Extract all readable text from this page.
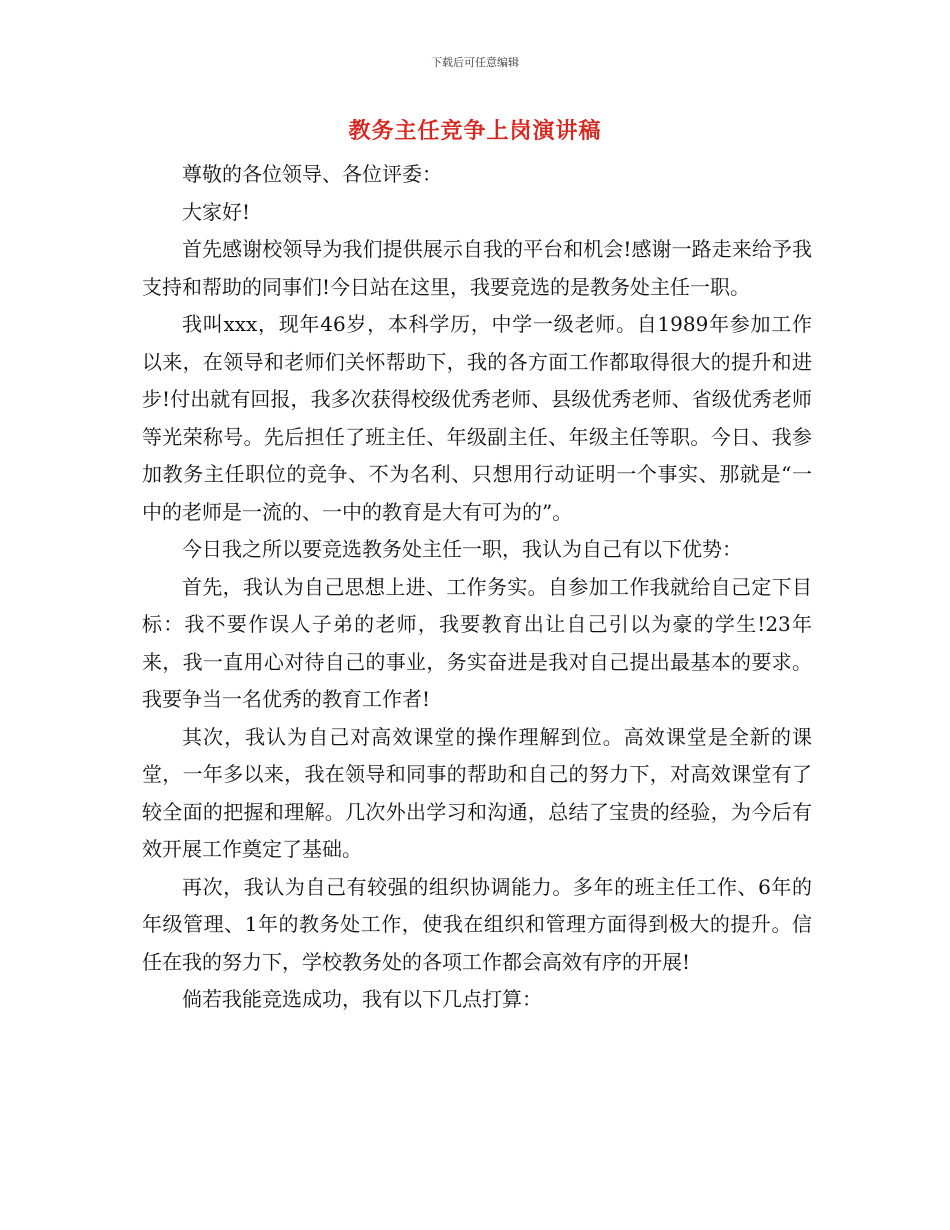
下载后可任意编辑
教务主任竞争上岗演讲稿

尊敬的各位领导、各位评委：

大家好!

首先感谢校领导为我们提供展示自我的平台和机会!感谢一路走来给予我支持和帮助的同事们!今日站在这里，我要竞选的是教务处主任一职。

我叫xxx，现年46岁，本科学历，中学一级老师。自1989年参加工作以来，在领导和老师们关怀帮助下，我的各方面工作都取得很大的提升和进步!付出就有回报，我多次获得校级优秀老师、县级优秀老师、省级优秀老师等光荣称号。先后担任了班主任、年级副主任、年级主任等职。今日、我参加教务主任职位的竞争、不为名利、只想用行动证明一个事实、那就是“一中的老师是一流的、一中的教育是大有可为的”。

今日我之所以要竞选教务处主任一职，我认为自己有以下优势：

首先，我认为自己思想上进、工作务实。自参加工作我就给自己定下目标：我不要作误人子弟的老师，我要教育出让自己引以为豪的学生!23年来，我一直用心对待自己的事业，务实奋进是我对自己提出最基本的要求。我要争当一名优秀的教育工作者!

其次，我认为自己对高效课堂的操作理解到位。高效课堂是全新的课堂，一年多以来，我在领导和同事的帮助和自己的努力下，对高效课堂有了较全面的把握和理解。几次外出学习和沟通，总结了宝贵的经验，为今后有效开展工作奠定了基础。

再次，我认为自己有较强的组织协调能力。多年的班主任工作、6年的年级管理、1年的教务处工作，使我在组织和管理方面得到极大的提升。信任在我的努力下，学校教务处的各项工作都会高效有序的开展!

倘若我能竞选成功，我有以下几点打算：
